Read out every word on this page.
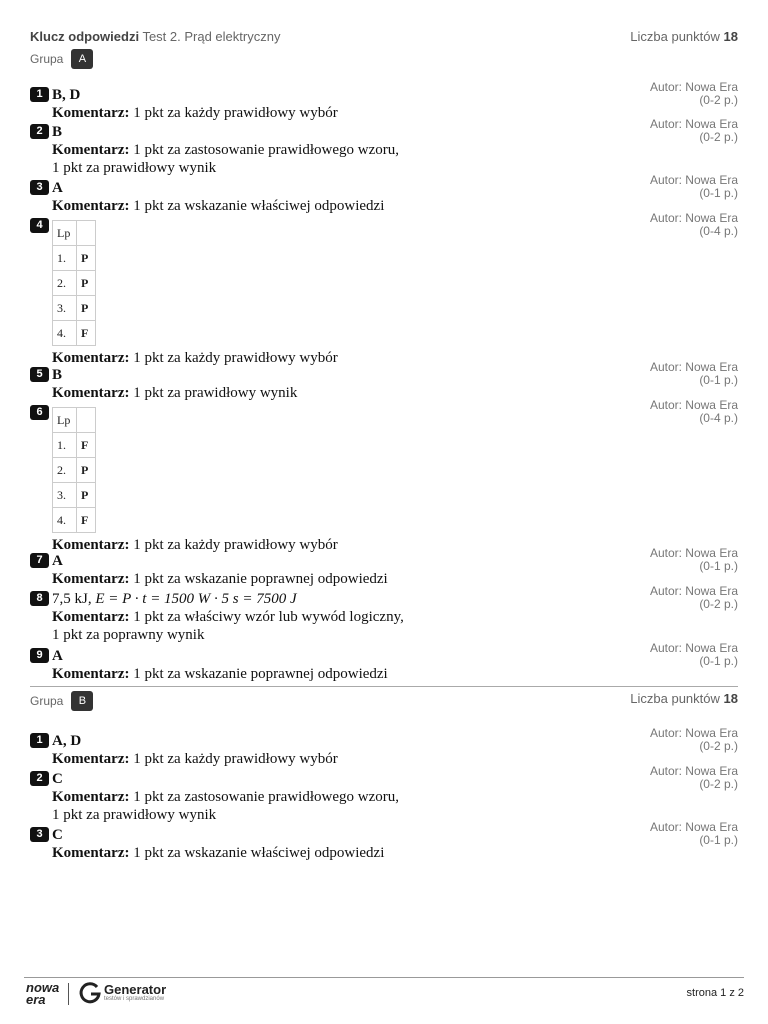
Klucz odpowiedzi Test 2. Prąd elektryczny	Liczba punktów 18
Grupa	A
1 B, D	Autor: Nowa Era
(0-2 p.)
Komentarz: 1 pkt za każdy prawidłowy wybór
2 B	Autor: Nowa Era
(0-2 p.)
Komentarz: 1 pkt za zastosowanie prawidłowego wzoru,
1 pkt za prawidłowy wynik
3 A	Autor: Nowa Era
(0-1 p.)
Komentarz: 1 pkt za wskazanie właściwej odpowiedzi
4	Autor: Nowa Era
(0-4 p.)
Lp	
1.	P
2.	P
3.	P
4.	F
Komentarz: 1 pkt za każdy prawidłowy wybór
5 B	Autor: Nowa Era
(0-1 p.)
Komentarz: 1 pkt za prawidłowy wynik
6	Autor: Nowa Era
(0-4 p.)
Lp	
1.	F
2.	P
3.	P
4.	F
Komentarz: 1 pkt za każdy prawidłowy wybór
7 A	Autor: Nowa Era
(0-1 p.)
Komentarz: 1 pkt za wskazanie poprawnej odpowiedzi
8 7,5 kJ, E = P · t = 1500 W · 5 s = 7500 J	Autor: Nowa Era
(0-2 p.)
Komentarz: 1 pkt za właściwy wzór lub wywód logiczny,
1 pkt za poprawny wynik
9 A	Autor: Nowa Era
(0-1 p.)
Komentarz: 1 pkt za wskazanie poprawnej odpowiedzi
Grupa	B	Liczba punktów 18
1 A, D	Autor: Nowa Era
(0-2 p.)
Komentarz: 1 pkt za każdy prawidłowy wybór
2 C	Autor: Nowa Era
(0-2 p.)
Komentarz: 1 pkt za zastosowanie prawidłowego wzoru,
1 pkt za prawidłowy wynik
3 C	Autor: Nowa Era
(0-1 p.)
Komentarz: 1 pkt za wskazanie właściwej odpowiedzi
nowa
era
Generator
testów i sprawdzianów	strona 1 z 2
